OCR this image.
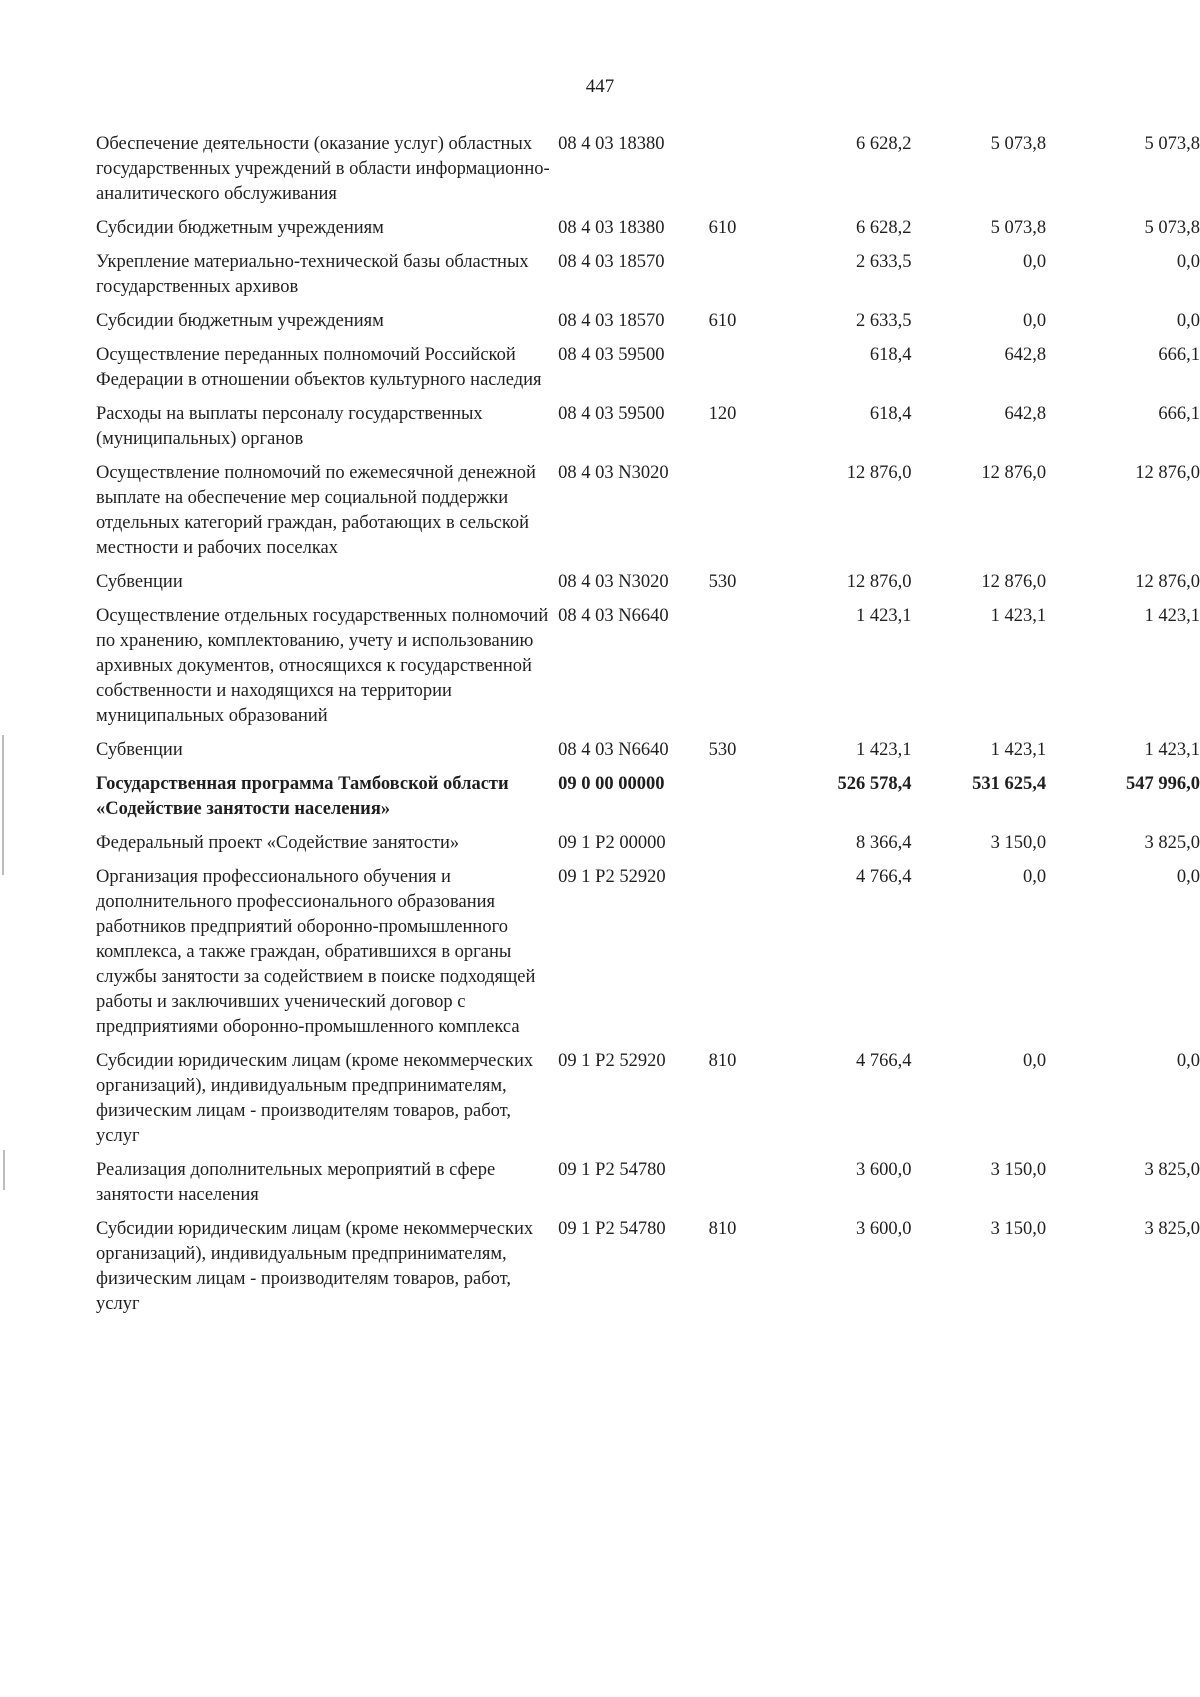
447
Обеспечение деятельности (оказание услуг) областных государственных учреждений в области информационно-аналитического обслуживания	08 4 03 18380		6 628,2	5 073,8	5 073,8
Субсидии бюджетным учреждениям	08 4 03 18380	610	6 628,2	5 073,8	5 073,8
Укрепление материально-технической базы областных государственных архивов	08 4 03 18570		2 633,5	0,0	0,0
Субсидии бюджетным учреждениям	08 4 03 18570	610	2 633,5	0,0	0,0
Осуществление переданных полномочий Российской Федерации в отношении объектов культурного наследия	08 4 03 59500		618,4	642,8	666,1
Расходы на выплаты персоналу государственных (муниципальных) органов	08 4 03 59500	120	618,4	642,8	666,1
Осуществление полномочий по ежемесячной денежной выплате на обеспечение мер социальной поддержки отдельных категорий граждан, работающих в сельской местности и рабочих поселках	08 4 03 N3020		12 876,0	12 876,0	12 876,0
Субвенции	08 4 03 N3020	530	12 876,0	12 876,0	12 876,0
Осуществление отдельных государственных полномочий по хранению, комплектованию, учету и использованию архивных документов, относящихся к государственной собственности и находящихся на территории муниципальных образований	08 4 03 N6640		1 423,1	1 423,1	1 423,1
Субвенции	08 4 03 N6640	530	1 423,1	1 423,1	1 423,1
Государственная программа Тамбовской области «Содействие занятости населения»	09 0 00 00000		526 578,4	531 625,4	547 996,0
Федеральный проект «Содействие занятости»	09 1 P2 00000		8 366,4	3 150,0	3 825,0
Организация профессионального обучения и дополнительного профессионального образования работников предприятий оборонно-промышленного комплекса, а также граждан, обратившихся в органы службы занятости за содействием в поиске подходящей работы и заключивших ученический договор с предприятиями оборонно-промышленного комплекса	09 1 P2 52920		4 766,4	0,0	0,0
Субсидии юридическим лицам (кроме некоммерческих организаций), индивидуальным предпринимателям, физическим лицам - производителям товаров, работ, услуг	09 1 P2 52920	810	4 766,4	0,0	0,0
Реализация дополнительных мероприятий в сфере занятости населения	09 1 P2 54780		3 600,0	3 150,0	3 825,0
Субсидии юридическим лицам (кроме некоммерческих организаций), индивидуальным предпринимателям, физическим лицам - производителям товаров, работ, услуг	09 1 P2 54780	810	3 600,0	3 150,0	3 825,0
